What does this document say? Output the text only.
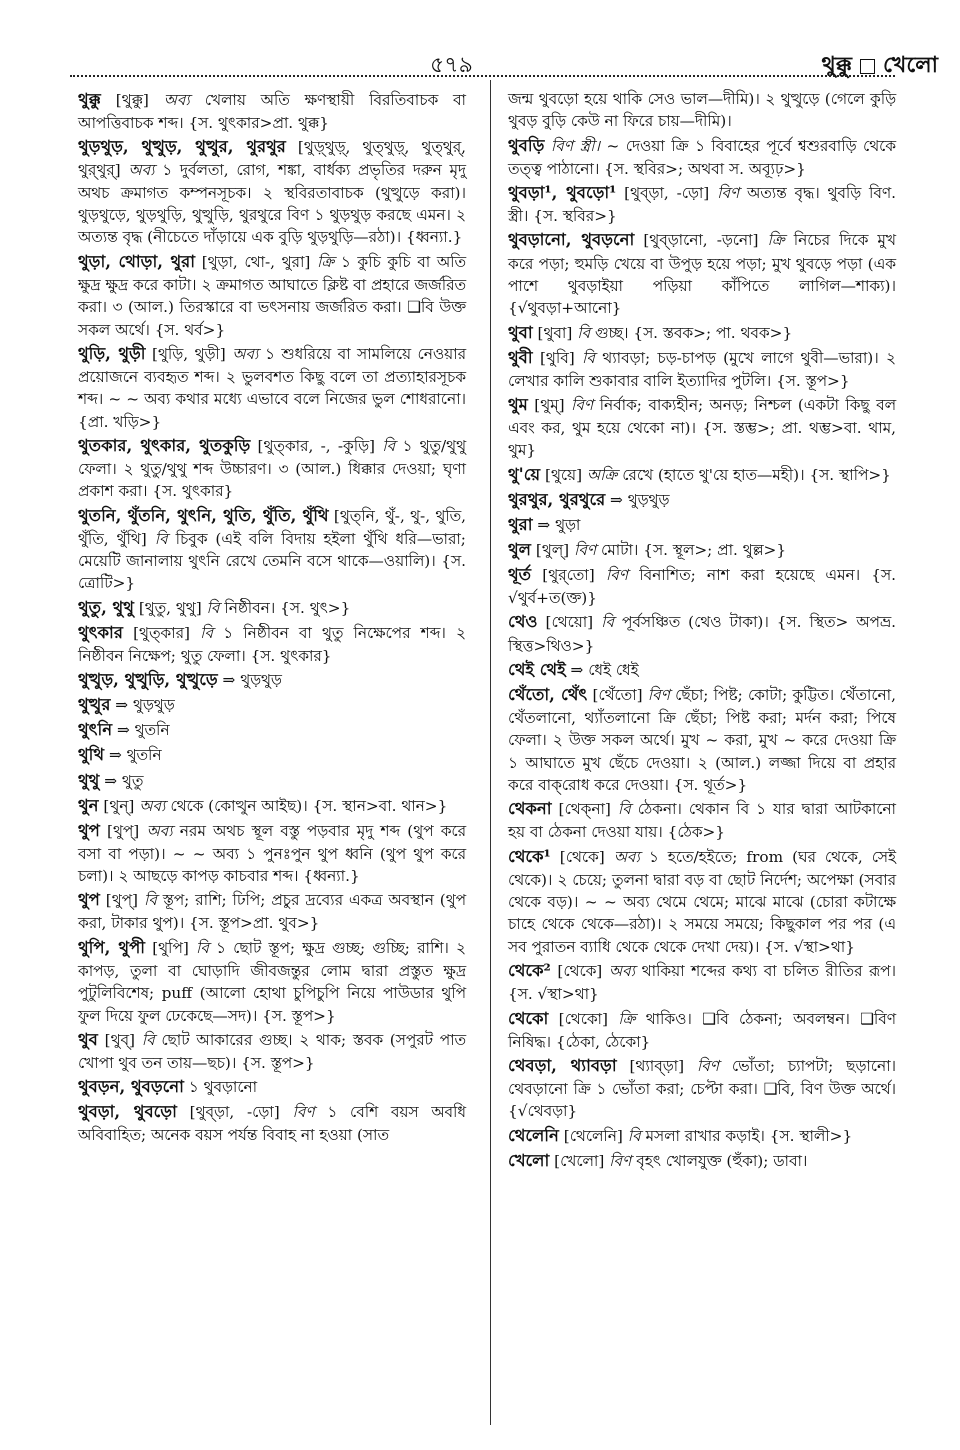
৫৭৯	থুক্কু খেলো

থুক্কু [থুক্কু] অব্য খেলায় অতি ক্ষণস্থায়ী বিরতিবাচক বা আপত্তিবাচক শব্দ। {স. থুৎকার>প্রা. থুক্ক}

থুড়থুড়, থুত্থুড়, থুত্থুর, থুরথুর [থুড়্‌থুড়্‌, থুত্‌থুড়্‌, থুত্‌থুর্‌, থুর্‌থুর্‌] অব্য ১ দুর্বলতা, রোগ, শঙ্কা, বার্ধক্য প্রভৃতির দরুন মৃদু অথচ ক্রমাগত কম্পনসূচক। ২ স্থবিরতাবাচক (থুত্থুড়ে করা)। থুড়থুড়ে, থুড়থুড়ি, থুত্থুড়ি, থুরথুরে বিণ ১ থুড়থুড় করছে এমন। ২ অত্যন্ত বৃদ্ধ (নীচেতে দাঁড়ায়ে এক বুড়ি থুড়থুড়ি—রঠা)। {ধ্বন্যা.}

থুড়া, থোড়া, থুরা [থুড়া, থো-, থুরা] ক্রি ১ কুচি কুচি বা অতি ক্ষুদ্র ক্ষুদ্র করে কাটা। ২ ক্রমাগত আঘাতে ক্লিষ্ট বা প্রহারে জর্জরিত করা। ৩ (আল.) তিরস্কারে বা ভৎসনায় জর্জরিত করা। ❑বি উক্ত সকল অর্থে। {স. থর্ব>}

থুড়ি, থুড়ী [থুড়ি, থুড়ী] অব্য ১ শুধরিয়ে বা সামলিয়ে নেওয়ার প্রয়োজনে ব্যবহৃত শব্দ। ২ ভুলবশত কিছু বলে তা প্রত্যাহারসূচক শব্দ। ~ ~ অব্য কথার মধ্যে এভাবে বলে নিজের ভুল শোধরানো। {প্রা. খড়ি>}

থুতকার, থুৎকার, থুতকুড়ি [থুত্‌কার, -, -কুড়ি] বি ১ থুতু/থুথু ফেলা। ২ থুতু/থুথু শব্দ উচ্চারণ। ৩ (আল.) ধিক্কার দেওয়া; ঘৃণা প্রকাশ করা। {স. থুৎকার}

থুতনি, থুঁতনি, থুৎনি, থুতি, থুঁতি, থুঁথি [থুত্‌নি, থুঁ-, থু-, থুতি, থুঁতি, থুঁথি] বি চিবুক (এই বলি বিদায় হইলা থুঁথি ধরি—ভারা; মেয়েটি জানালায় থুৎনি রেখে তেমনি বসে থাকে—ওয়ালি)। {স. ত্রোটি>}

থুতু, থুথু [থুতু, থুথু] বি নিষ্ঠীবন। {স. থুৎ>}

থুৎকার [থুত্‌কার] বি ১ নিষ্ঠীবন বা থুতু নিক্ষেপের শব্দ। ২ নিষ্ঠীবন নিক্ষেপ; থুতু ফেলা। {স. থুৎকার}

থুত্থুড়, থুত্থুড়ি, থুত্থুড়ে ⇒ থুড়থুড়

থুত্থুর ⇒ থুড়থুড়

থুৎনি ⇒ থুতনি

থুথি ⇒ থুতনি

থুথু ⇒ থুতু

থুন [থুন্‌] অব্য থেকে (কোত্থুন আইছ)। {স. স্থান>বা. থান>}

থুপ [থুপ্‌] অব্য নরম অথচ স্থূল বস্তু পড়বার মৃদু শব্দ (থুপ করে বসা বা পড়া)। ~ ~ অব্য ১ পুনঃপুন থুপ ধ্বনি (থুপ থুপ করে চলা)। ২ আছড়ে কাপড় কাচবার শব্দ। {ধ্বন্যা.}

থুপ [থুপ্‌] বি স্তূপ; রাশি; ঢিপি; প্রচুর দ্রব্যের একত্র অবস্থান (থুপ করা, টাকার থুপ)। {স. স্তূপ>প্রা. থুব>}

থুপি, থুপী [থুপি] বি ১ ছোট স্তূপ; ক্ষুদ্র গুচ্ছ; গুচ্ছি; রাশি। ২ কাপড়, তুলা বা ঘোড়াদি জীবজন্তুর লোম দ্বারা প্রস্তুত ক্ষুদ্র পুটুলিবিশেষ; puff (আলো হোথা চুপিচুপি নিয়ে পাউডার থুপি ফুল দিয়ে ফুল ঢেকেছে—সদ)। {স. স্তূপ>}

থুব [থুব্‌] বি ছোট আকারের গুচ্ছ। ২ থাক; স্তবক (সপুরট পাত খোপা থুব তন তায়—ছচ)। {স. স্তূপ>}

থুবড়ন, থুবড়নো ১ থুবড়ানো

থুবড়া, থুবড়ো [থুব্‌ড়া, -ড়ো] বিণ ১ বেশি বয়স অবধি অবিবাহিত; অনেক বয়স পর্যন্ত বিবাহ না হওয়া (সাত

জন্ম থুবড়ো হয়ে থাকি সেও ভাল—দীমি)। ২ থুত্থুড়ে (গেলে কুড়ি থুবড় বুড়ি কেউ না ফিরে চায়—দীমি)।

থুবড়ি বিণ স্ত্রী। ~ দেওয়া ক্রি ১ বিবাহের পূর্বে শ্বশুরবাড়ি থেকে তত্ত্ব পাঠানো। {স. স্থবির>; অথবা স. অব্যূঢ়>}

থুবড়া¹, থুবড়ো¹ [থুব্‌ড়া, -ড়ো] বিণ অত্যন্ত বৃদ্ধ। থুবড়ি বিণ. স্ত্রী। {স. স্থবির>}

থুবড়ানো, থুবড়নো [থুব্‌ড়ানো, -ড়নো] ক্রি নিচের দিকে মুখ করে পড়া; হুমড়ি খেয়ে বা উপুড় হয়ে পড়া; মুখ থুবড়ে পড়া (এক পাশে থুবড়াইয়া পড়িয়া কাঁপিতে লাগিল—শাক্য)। {√থুবড়া+আনো}

থুবা [থুবা] বি গুচ্ছ। {স. স্তবক>; পা. থবক>}

থুবী [থুবি] বি থ্যাবড়া; চড়-চাপড় (মুখে লাগে থুবী—ভারা)। ২ লেখার কালি শুকাবার বালি ইত্যাদির পুটলি। {স. স্তূপ>}

থুম [থুম্‌] বিণ নির্বাক; বাক্যহীন; অনড়; নিশ্চল (একটা কিছু বল এবং কর, থুম হয়ে থেকো না)। {স. স্তম্ভ>; প্রা. থম্ভ>বা. থাম, থুম}

থু'য়ে [থুয়ে] অক্রি রেখে (হাতে থু'য়ে হাত—মহী)। {স. স্থাপি>}

থুরথুর, থুরথুরে ⇒ থুড়থুড়

থুরা ⇒ থুড়া

থুল [থুল্‌] বিণ মোটা। {স. স্থূল>; প্রা. থুল্ল>}

থূর্ত [থুর্‌তো] বিণ বিনাশিত; নাশ করা হয়েছে এমন। {স. √থুর্ব+ত(ক্ত)}

থেও [থেয়ো] বি পূর্বসঞ্চিত (থেও টাকা)। {স. স্থিত> অপভ্র. স্থিত্ত>থিও>}

থেই থেই ⇒ ধেই ধেই

থেঁতো, থেঁৎ [থেঁতো] বিণ ছেঁচা; পিষ্ট; কোটা; কুট্টিত। থেঁতানো, থেঁতলানো, থ্যাঁতলানো ক্রি ছেঁচা; পিষ্ট করা; মর্দন করা; পিষে ফেলা। ২ উক্ত সকল অর্থে। মুখ ~ করা, মুখ ~ করে দেওয়া ক্রি ১ আঘাতে মুখ ছেঁচে দেওয়া। ২ (আল.) লজ্জা দিয়ে বা প্রহার করে বাক্‌রোধ করে দেওয়া। {স. থূর্ত>}

থেকনা [থেক্‌না] বি ঠেকনা। থেকান বি ১ যার দ্বারা আটকানো হয় বা ঠেকনা দেওয়া যায়। {ঠেক>}

থেকে¹ [থেকে] অব্য ১ হতে/হইতে; from (ঘর থেকে, সেই থেকে)। ২ চেয়ে; তুলনা দ্বারা বড় বা ছোট নির্দেশ; অপেক্ষা (সবার থেকে বড়)। ~ ~ অব্য থেমে থেমে; মাঝে মাঝে (চোরা কটাক্ষে চাহে থেকে থেকে—রঠা)। ২ সময়ে সময়ে; কিছুকাল পর পর (এ সব পুরাতন ব্যাধি থেকে থেকে দেখা দেয়)। {স. √স্থা>থা}

থেকে² [থেকে] অব্য থাকিয়া শব্দের কথ্য বা চলিত রীতির রূপ। {স. √স্থা>থা}

থেকো [থেকো] ক্রি থাকিও। ❑বি ঠেকনা; অবলম্বন। ❑বিণ নিষিদ্ধ। {ঠেকা, ঠেকো}

থেবড়া, থ্যাবড়া [থ্যাব্‌ড়া] বিণ ভোঁতা; চ্যাপটা; ছড়ানো। থেবড়ানো ক্রি ১ ভোঁতা করা; চেপ্টা করা। ❑বি, বিণ উক্ত অর্থে। {√থেবড়া}

থেলেনি [থেলেনি] বি মসলা রাখার কড়াই। {স. স্থালী>}

খেলো [খেলো] বিণ বৃহৎ খোলযুক্ত (হুঁকা); ডাবা।
